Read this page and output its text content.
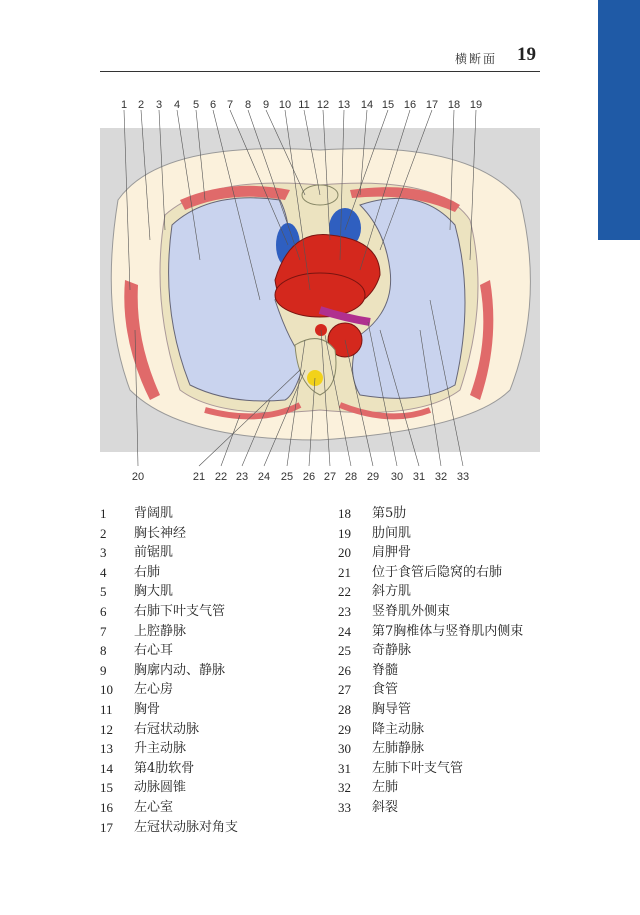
横断面 19
1 2 3 4 5 6 7 8 9 10 11 12 13 14 15 16 17 18 19
20	21 22 23 24 25 26 27 28 29 30 31 32 33
1	背阔肌
2	胸长神经
3	前锯肌
4	右肺
5	胸大肌
6	右肺下叶支气管
7	上腔静脉
8	右心耳
9	胸廓内动、静脉
10	左心房
11	胸骨
12	右冠状动脉
13	升主动脉
14	第4肋软骨
15	动脉圆锥
16	左心室
17	左冠状动脉对角支
18	第5肋
19	肋间肌
20	肩胛骨
21	位于食管后隐窝的右肺
22	斜方肌
23	竖脊肌外侧束
24	第7胸椎体与竖脊肌内侧束
25	奇静脉
26	脊髓
27	食管
28	胸导管
29	降主动脉
30	左肺静脉
31	左肺下叶支气管
32	左肺
33	斜裂
